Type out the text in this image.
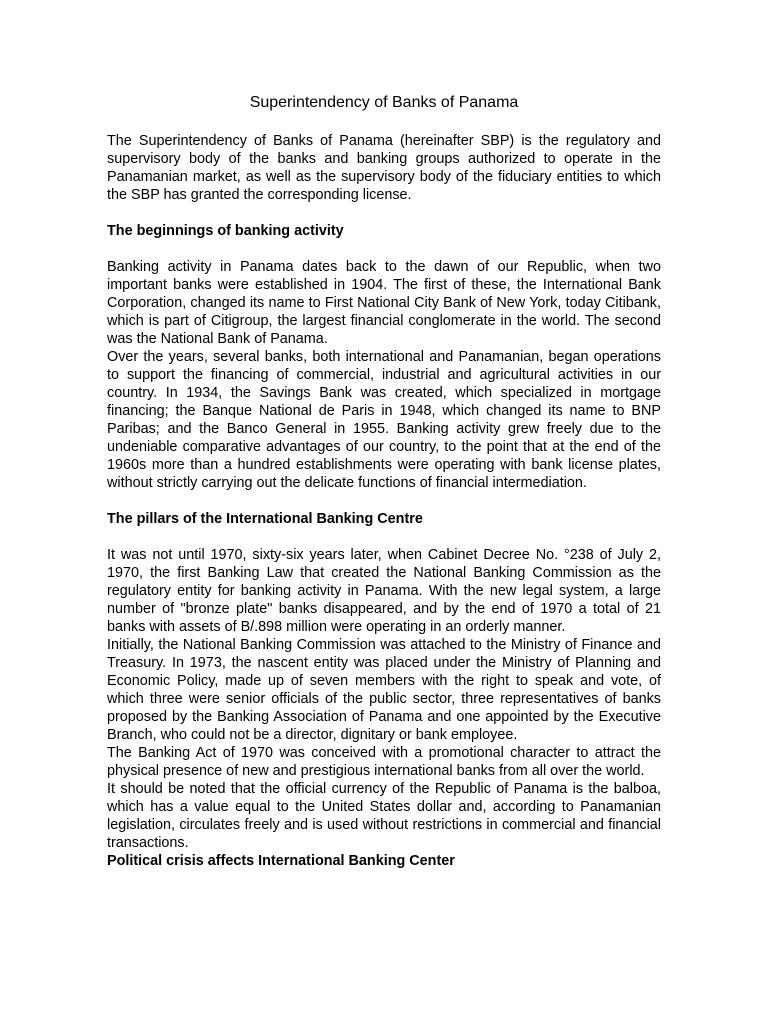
Superintendency of Banks of Panama

The Superintendency of Banks of Panama (hereinafter SBP) is the regulatory and supervisory body of the banks and banking groups authorized to operate in the Panamanian market, as well as the supervisory body of the fiduciary entities to which the SBP has granted the corresponding license.

The beginnings of banking activity

Banking activity in Panama dates back to the dawn of our Republic, when two important banks were established in 1904. The first of these, the International Bank Corporation, changed its name to First National City Bank of New York, today Citibank, which is part of Citigroup, the largest financial conglomerate in the world. The second was the National Bank of Panama.

Over the years, several banks, both international and Panamanian, began operations to support the financing of commercial, industrial and agricultural activities in our country. In 1934, the Savings Bank was created, which specialized in mortgage financing; the Banque National de Paris in 1948, which changed its name to BNP Paribas; and the Banco General in 1955. Banking activity grew freely due to the undeniable comparative advantages of our country, to the point that at the end of the 1960s more than a hundred establishments were operating with bank license plates, without strictly carrying out the delicate functions of financial intermediation.

The pillars of the International Banking Centre

It was not until 1970, sixty-six years later, when Cabinet Decree No. °238 of July 2, 1970, the first Banking Law that created the National Banking Commission as the regulatory entity for banking activity in Panama. With the new legal system, a large number of "bronze plate" banks disappeared, and by the end of 1970 a total of 21 banks with assets of B/.898 million were operating in an orderly manner.

Initially, the National Banking Commission was attached to the Ministry of Finance and Treasury. In 1973, the nascent entity was placed under the Ministry of Planning and Economic Policy, made up of seven members with the right to speak and vote, of which three were senior officials of the public sector, three representatives of banks proposed by the Banking Association of Panama and one appointed by the Executive Branch, who could not be a director, dignitary or bank employee.

The Banking Act of 1970 was conceived with a promotional character to attract the physical presence of new and prestigious international banks from all over the world.

It should be noted that the official currency of the Republic of Panama is the balboa, which has a value equal to the United States dollar and, according to Panamanian legislation, circulates freely and is used without restrictions in commercial and financial transactions.

Political crisis affects International Banking Center
